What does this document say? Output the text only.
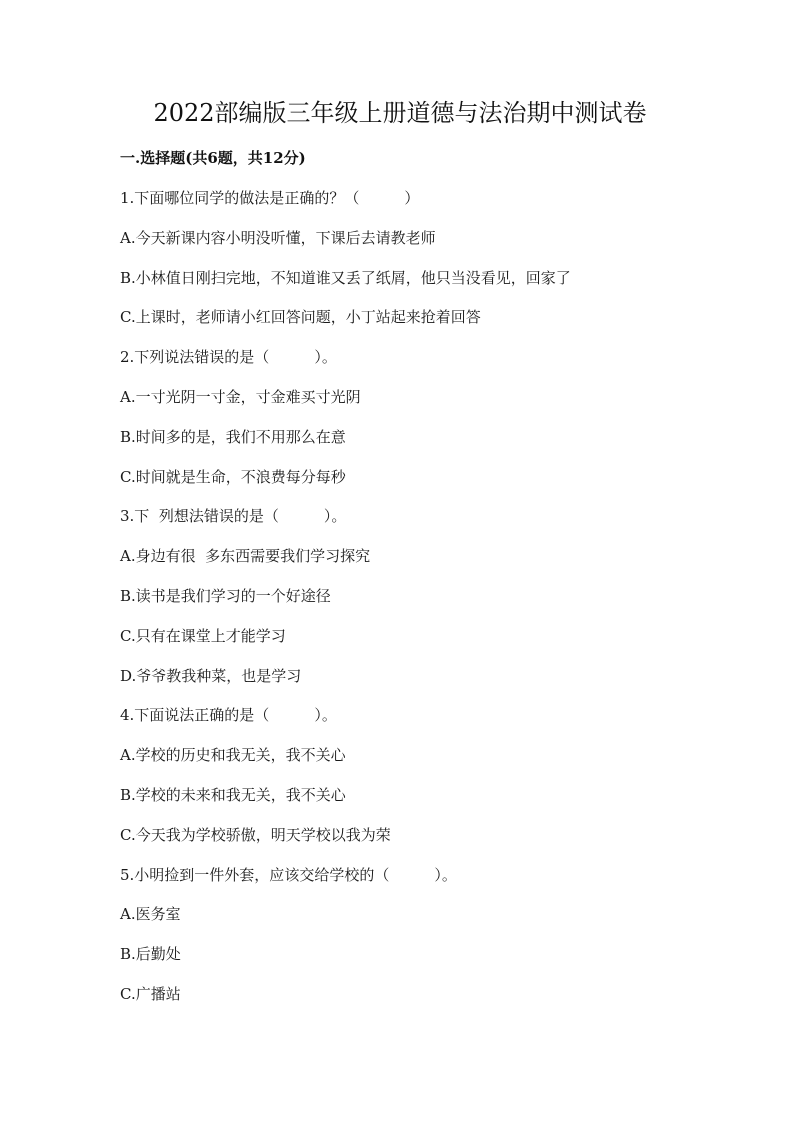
2022部编版三年级上册道德与法治期中测试卷
一.选择题(共6题，共12分)
1.下面哪位同学的做法是正确的？（　　　）
A.今天新课内容小明没听懂，下课后去请教老师
B.小林值日刚扫完地，不知道谁又丢了纸屑，他只当没看见，回家了
C.上课时，老师请小红回答问题，小丁站起来抢着回答
2.下列说法错误的是（　　　）。
A.一寸光阴一寸金，寸金难买寸光阴
B.时间多的是，我们不用那么在意
C.时间就是生命，不浪费每分每秒
3.下  列想法错误的是（　　　）。
A.身边有很  多东西需要我们学习探究
B.读书是我们学习的一个好途径
C.只有在课堂上才能学习
D.爷爷教我种菜，也是学习
4.下面说法正确的是（　　　）。
A.学校的历史和我无关，我不关心
B.学校的未来和我无关，我不关心
C.今天我为学校骄傲，明天学校以我为荣
5.小明捡到一件外套，应该交给学校的（　　　）。
A.医务室
B.后勤处
C.广播站
